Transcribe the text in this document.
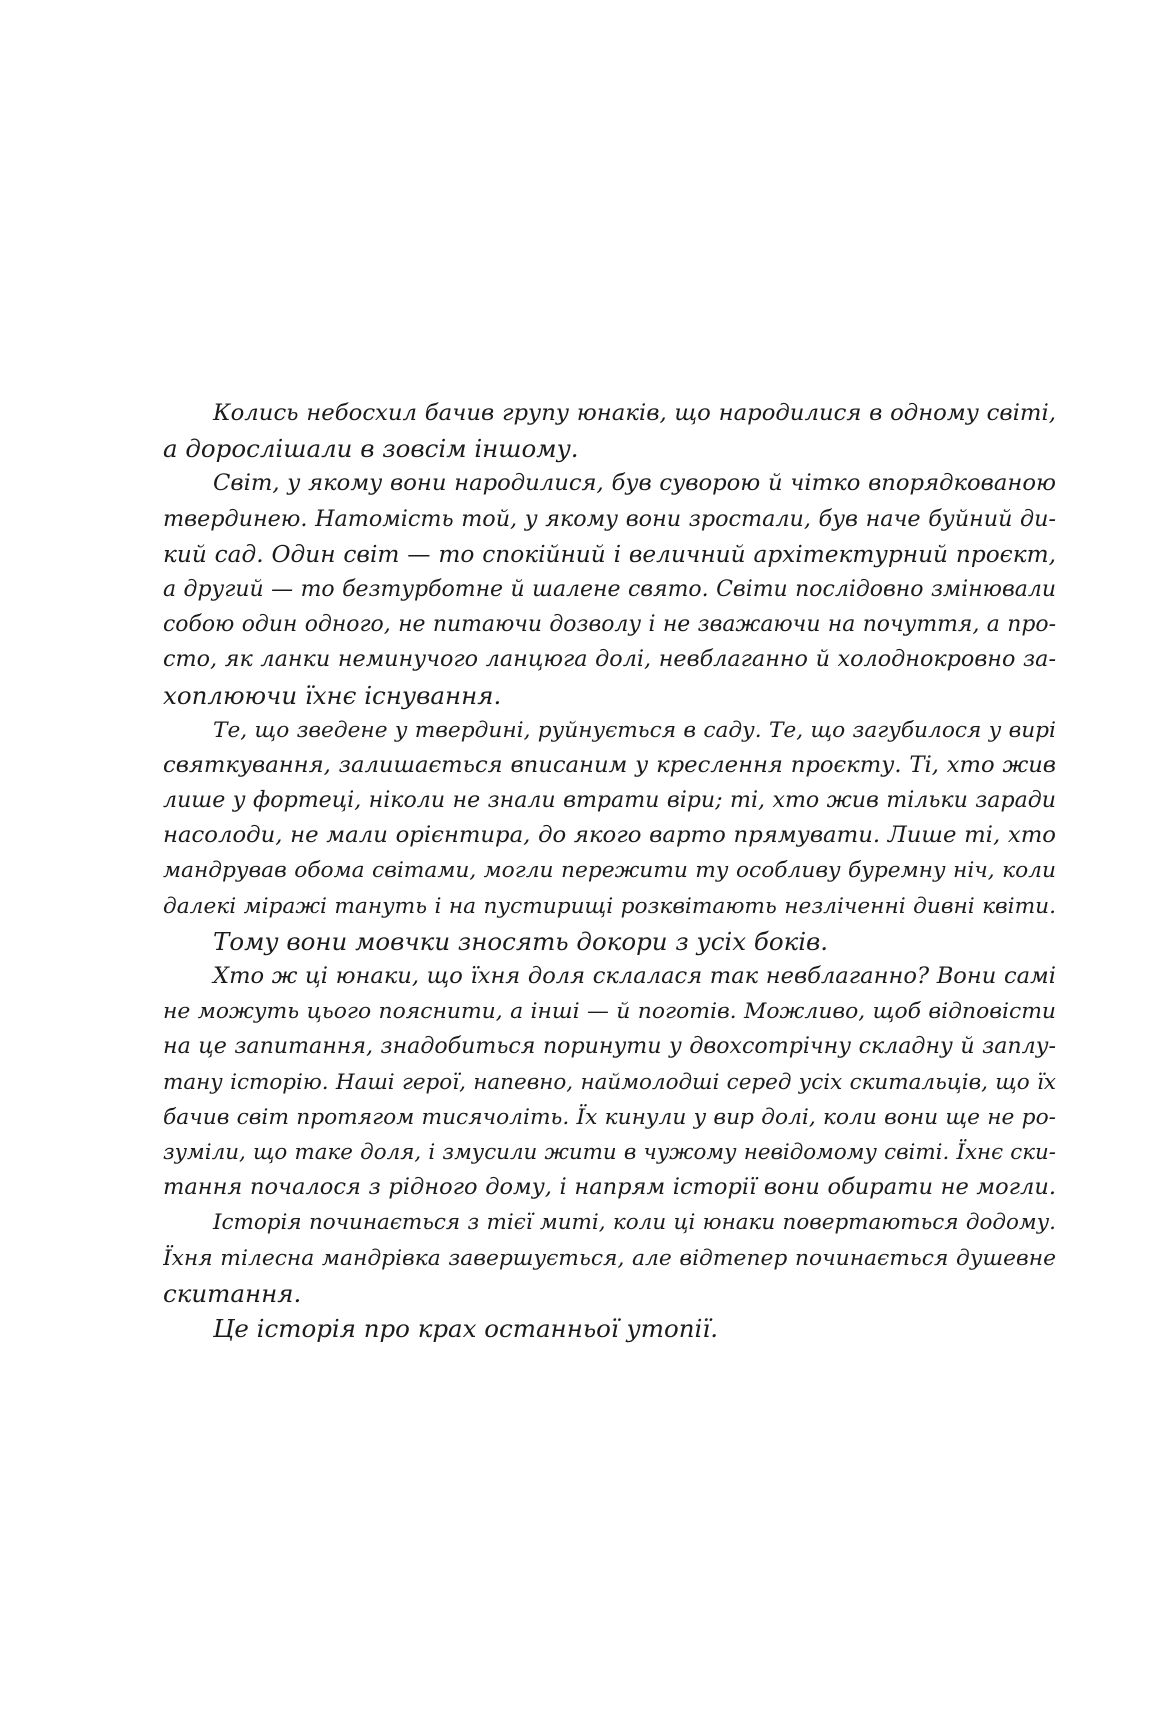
Колись небосхил бачив групу юнаків, що народилися в одному світі,
а дорослішали в зовсім іншому.
Світ, у якому вони народилися, був суворою й чітко впорядкованою
твердинею. Натомість той, у якому вони зростали, був наче буйний ди-
кий сад. Один світ — то спокійний і величний архітектурний проєкт,
а другий — то безтурботне й шалене свято. Світи послідовно змінювали
собою один одного, не питаючи дозволу і не зважаючи на почуття, а про-
сто, як ланки неминучого ланцюга долі, невблаганно й холоднокровно за-
хоплюючи їхнє існування.
Те, що зведене у твердині, руйнується в саду. Те, що загубилося у вирі
святкування, залишається вписаним у креслення проєкту. Ті, хто жив
лише у фортеці, ніколи не знали втрати віри; ті, хто жив тільки заради
насолоди, не мали орієнтира, до якого варто прямувати. Лише ті, хто
мандрував обома світами, могли пережити ту особливу буремну ніч, коли
далекі міражі тануть і на пустирищі розквітають незліченні дивні квіти.
Тому вони мовчки зносять докори з усіх боків.
Хто ж ці юнаки, що їхня доля склалася так невблаганно? Вони самі
не можуть цього пояснити, а інші — й поготів. Можливо, щоб відповісти
на це запитання, знадобиться поринути у двохсотрічну складну й заплу-
тану історію. Наші герої, напевно, наймолодші серед усіх скитальців, що їх
бачив світ протягом тисячоліть. Їх кинули у вир долі, коли вони ще не ро-
зуміли, що таке доля, і змусили жити в чужому невідомому світі. Їхнє ски-
тання почалося з рідного дому, і напрям історії вони обирати не могли.
Історія починається з тієї миті, коли ці юнаки повертаються додому.
Їхня тілесна мандрівка завершується, але відтепер починається душевне
скитання.
Це історія про крах останньої утопії.
